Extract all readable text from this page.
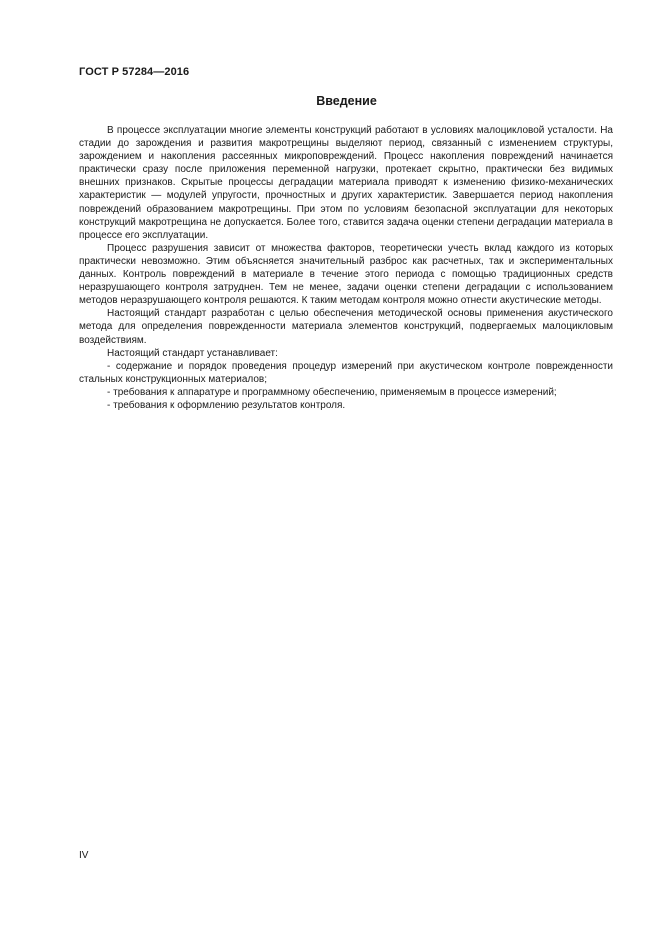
ГОСТ Р 57284—2016
Введение

В процессе эксплуатации многие элементы конструкций работают в условиях малоцикловой усталости. На стадии до зарождения и развития макротрещины выделяют период, связанный с изменением структуры, зарождением и накопления рассеянных микроповреждений. Процесс накопления повреждений начинается практически сразу после приложения переменной нагрузки, протекает скрытно, практически без видимых внешних признаков. Скрытые процессы деградации материала приводят к изменению физико-механических характеристик — модулей упругости, прочностных и других характеристик. Завершается период накопления повреждений образованием макротрещины. При этом по условиям безопасной эксплуатации для некоторых конструкций макротрещина не допускается. Более того, ставится задача оценки степени деградации материала в процессе его эксплуатации.

Процесс разрушения зависит от множества факторов, теоретически учесть вклад каждого из которых практически невозможно. Этим объясняется значительный разброс как расчетных, так и экспериментальных данных. Контроль повреждений в материале в течение этого периода с помощью традиционных средств неразрушающего контроля затруднен. Тем не менее, задачи оценки степени деградации с использованием методов неразрушающего контроля решаются. К таким методам контроля можно отнести акустические методы.

Настоящий стандарт разработан с целью обеспечения методической основы применения акустического метода для определения поврежденности материала элементов конструкций, подвергаемых малоцикловым воздействиям.

Настоящий стандарт устанавливает:

- содержание и порядок проведения процедур измерений при акустическом контроле поврежденности стальных конструкционных материалов;
- требования к аппаратуре и программному обеспечению, применяемым в процессе измерений;
- требования к оформлению результатов контроля.
IV
